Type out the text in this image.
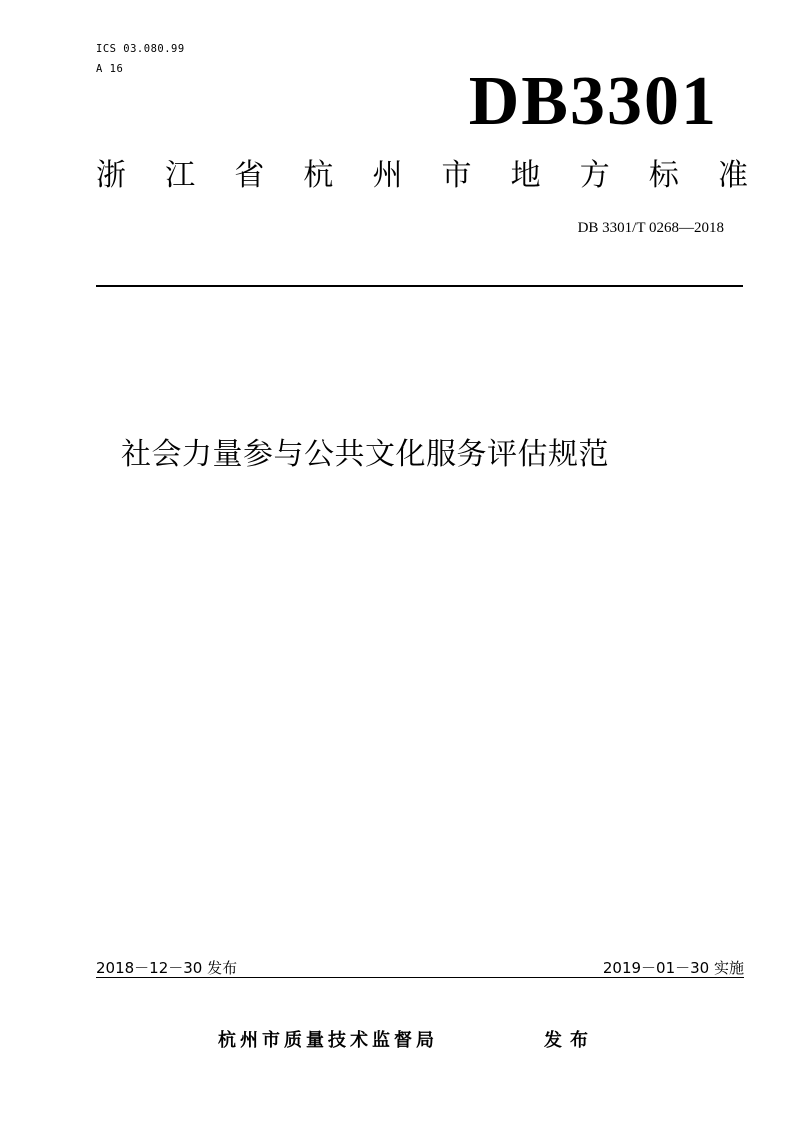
ICS 03.080.99
A 16	DB3301
浙 江 省 杭 州 市 地 方 标 准
DB 3301/T 0268—2018
社会力量参与公共文化服务评估规范
2018－12－30 发布	2019－01－30 实施
杭州市质量技术监督局	发布
